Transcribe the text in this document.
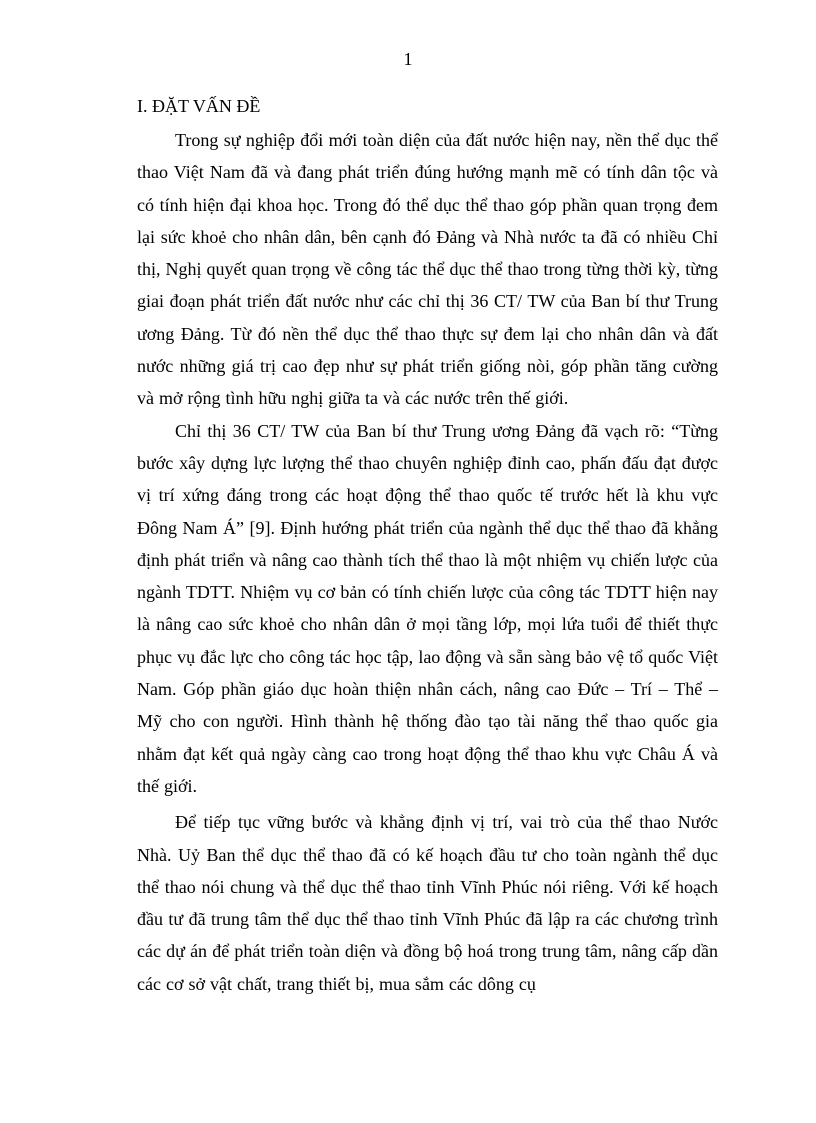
1
I. ĐẶT VẤN ĐỀ

Trong sự nghiệp đổi mới toàn diện của đất nước hiện nay, nền thể dục thể thao Việt Nam đã và đang phát triển đúng hướng mạnh mẽ có tính dân tộc và có tính hiện đại khoa học. Trong đó thể dục thể thao góp phần quan trọng đem lại sức khoẻ cho nhân dân, bên cạnh đó Đảng và Nhà nước ta đã có nhiều Chỉ thị, Nghị quyết quan trọng về công tác thể dục thể thao trong từng thời kỳ, từng giai đoạn phát triển đất nước như các chỉ thị 36 CT/ TW của Ban bí thư Trung ương Đảng. Từ đó nền thể dục thể thao thực sự đem lại cho nhân dân và đất nước những giá trị cao đẹp như sự phát triển giống nòi, góp phần tăng cường và mở rộng tình hữu nghị giữa ta và các nước trên thế giới.

Chỉ thị 36 CT/ TW của Ban bí thư Trung ương Đảng đã vạch rõ: “Từng bước xây dựng lực lượng thể thao chuyên nghiệp đỉnh cao, phấn đấu đạt được vị trí xứng đáng trong các hoạt động thể thao quốc tế trước hết là khu vực Đông Nam Á” [9]. Định hướng phát triển của ngành thể dục thể thao đã khẳng định phát triển và nâng cao thành tích thể thao là một nhiệm vụ chiến lược của ngành TDTT. Nhiệm vụ cơ bản có tính chiến lược của công tác TDTT hiện nay là nâng cao sức khoẻ cho nhân dân ở mọi tầng lớp, mọi lứa tuổi để thiết thực phục vụ đắc lực cho công tác học tập, lao động và sẵn sàng bảo vệ tổ quốc Việt Nam. Góp phần giáo dục hoàn thiện nhân cách, nâng cao Đức – Trí – Thể – Mỹ cho con người. Hình thành hệ thống đào tạo tài năng thể thao quốc gia nhằm đạt kết quả ngày càng cao trong hoạt động thể thao khu vực Châu Á và thế giới.

Để tiếp tục vững bước và khẳng định vị trí, vai trò của thể thao Nước Nhà. Uỷ Ban thể dục thể thao đã có kế hoạch đầu tư cho toàn ngành thể dục thể thao nói chung và thể dục thể thao tỉnh Vĩnh Phúc nói riêng. Với kế hoạch đầu tư đã trung tâm thể dục thể thao tỉnh Vĩnh Phúc đã lập ra các chương trình các dự án để phát triển toàn diện và đồng bộ hoá trong trung tâm, nâng cấp dần các cơ sở vật chất, trang thiết bị, mua sắm các dông cụ
